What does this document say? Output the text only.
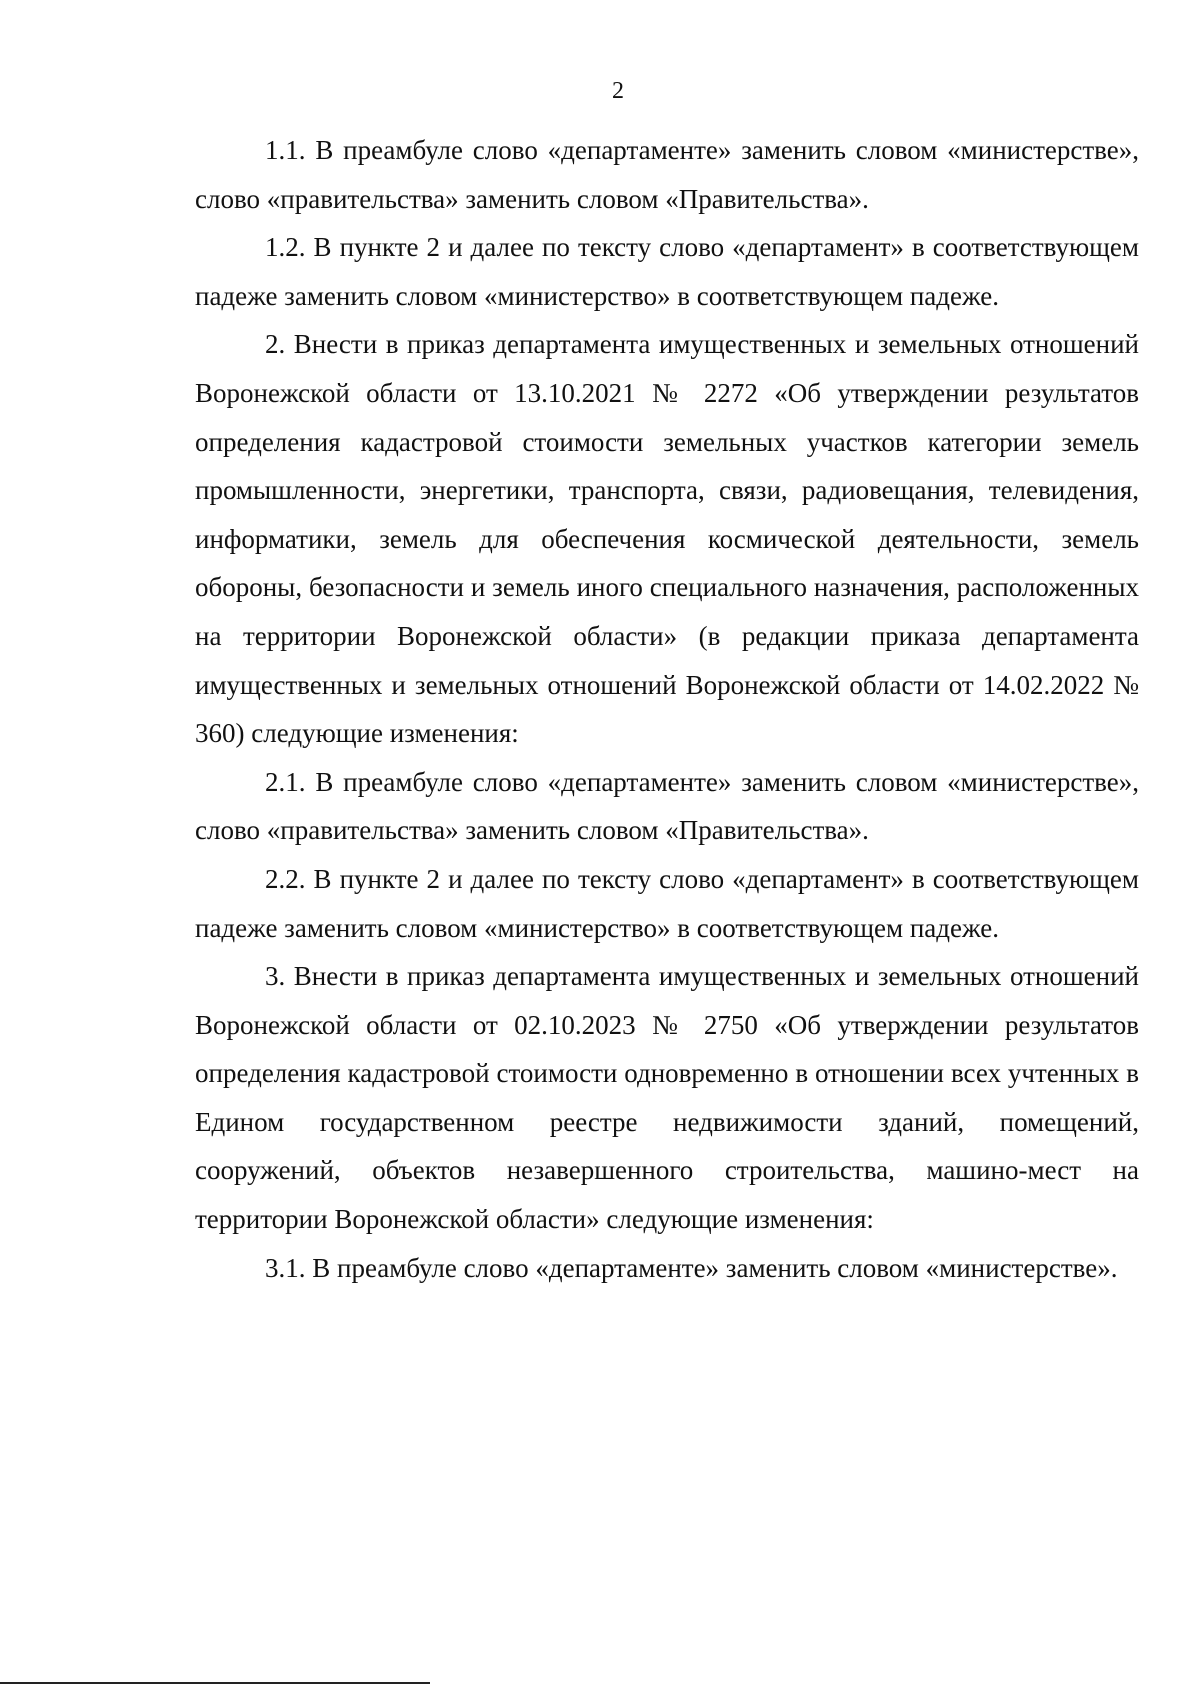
2

1.1. В преамбуле слово «департаменте» заменить словом «министерстве», слово «правительства» заменить словом «Правительства».

1.2. В пункте 2 и далее по тексту слово «департамент» в соответствующем падеже заменить словом «министерство» в соответствующем падеже.

2. Внести в приказ департамента имущественных и земельных отношений Воронежской области от 13.10.2021 № 2272 «Об утверждении результатов определения кадастровой стоимости земельных участков категории земель промышленности, энергетики, транспорта, связи, радиовещания, телевидения, информатики, земель для обеспечения космической деятельности, земель обороны, безопасности и земель иного специального назначения, расположенных на территории Воронежской области» (в редакции приказа департамента имущественных и земельных отношений Воронежской области от 14.02.2022 № 360) следующие изменения:

2.1. В преамбуле слово «департаменте» заменить словом «министерстве», слово «правительства» заменить словом «Правительства».

2.2. В пункте 2 и далее по тексту слово «департамент» в соответствующем падеже заменить словом «министерство» в соответствующем падеже.

3. Внести в приказ департамента имущественных и земельных отношений Воронежской области от 02.10.2023 № 2750 «Об утверждении результатов определения кадастровой стоимости одновременно в отношении всех учтенных в Едином государственном реестре недвижимости зданий, помещений, сооружений, объектов незавершенного строительства, машино-мест на территории Воронежской области» следующие изменения:

3.1. В преамбуле слово «департаменте» заменить словом «министерстве».
